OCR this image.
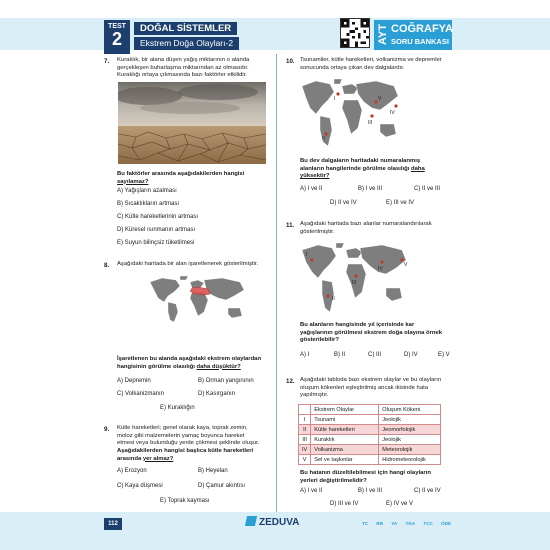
TEST
2
DOĞAL SİSTEMLER
Ekstrem Doğa Olayları-2	AYT COĞRAFYA
SORU BANKASI
7. Kuraklık, bir alana düşen yağış miktarının o alanda
gerçekleşen buharlaşma miktarından az olmasıdır.
Kuraklığı ortaya çıkmasında bazı faktörler etkilidir.
Bu faktörler arasında aşağıdakilerden hangisi
sayılamaz?
A) Yağışların azalması
B) Sıcaklıkların artması
C) Kütle hareketlerinin artması
D) Küresel ısınmanın artması
E) Suyun bilinçsiz tüketilmesi
8. Aşağıdaki haritada bir alan işaretlenerek gösterilmiştir.
İşaretlenen bu alanda aşağıdaki ekstrem olaylardan
hangisinin görülme olasılığı daha düşüktür?
A) Depremin	B) Orman yangınının
C) Volkanizmanın	D) Kasırganın
E) Kuraklığın
9. Kütle hareketleri; genel olarak kaya, toprak zemin,
moloz gibi malzemelerin yamaç boyunca hareket
etmesi veya bulunduğu yerde çökmesi şeklinde oluşur.
Aşağıdakilerden hangisi başlıca kütle hareketleri
arasında yer almaz?
A) Erozyon	B) Heyelan
C) Kaya düşmesi	D) Çamur akıntısı
E) Toprak kayması
10. Tsunamiler, kütle hareketleri, volkanizma ve depremler
sonucunda ortaya çıkan dev dalgalardır.
I
II
III
IV
V
Bu dev dalgaların haritadaki numaralanmış
alanların hangilerinde görülme olasılığı daha
yüksektir?
A) I ve II	B) I ve III	C) II ve III
D) II ve IV	E) III ve IV
11. Aşağıdaki haritada bazı alanlar numaralandırılarak
gösterilmiştir.
I
II
III
IV
V
Bu alanların hangisinde yıl içerisinde kar
yağışlarının görülmesi ekstrem doğa olayına örnek
gösterilebilir?
A) I	B) II	C) III	D) IV	E) V
12. Aşağıdaki tabloda bazı ekstrem olaylar ve bu olayların
oluşum kökenleri eşleştirilmiş ancak ikisinde hata
yapılmıştır.
	Ekstrem Olaylar	Oluşum Kökeni
I	Tsunami	Jeolojik
II	Kütle hareketleri	Jeomorfolojik
III	Kuraklık	Jeolojik
IV	Volkanizma	Meteorolojik
V	Sel ve taşkınlar	Hidrometeorolojik
Bu hatanın düzeltilebilmesi için hangi olayların
yerleri değiştirilmelidir?
A) I ve II	B) I ve III	C) II ve IV
D) III ve IV	E) IV ve V
112	ZEDUVA	TC RR YA YKA TCC ÖDE
